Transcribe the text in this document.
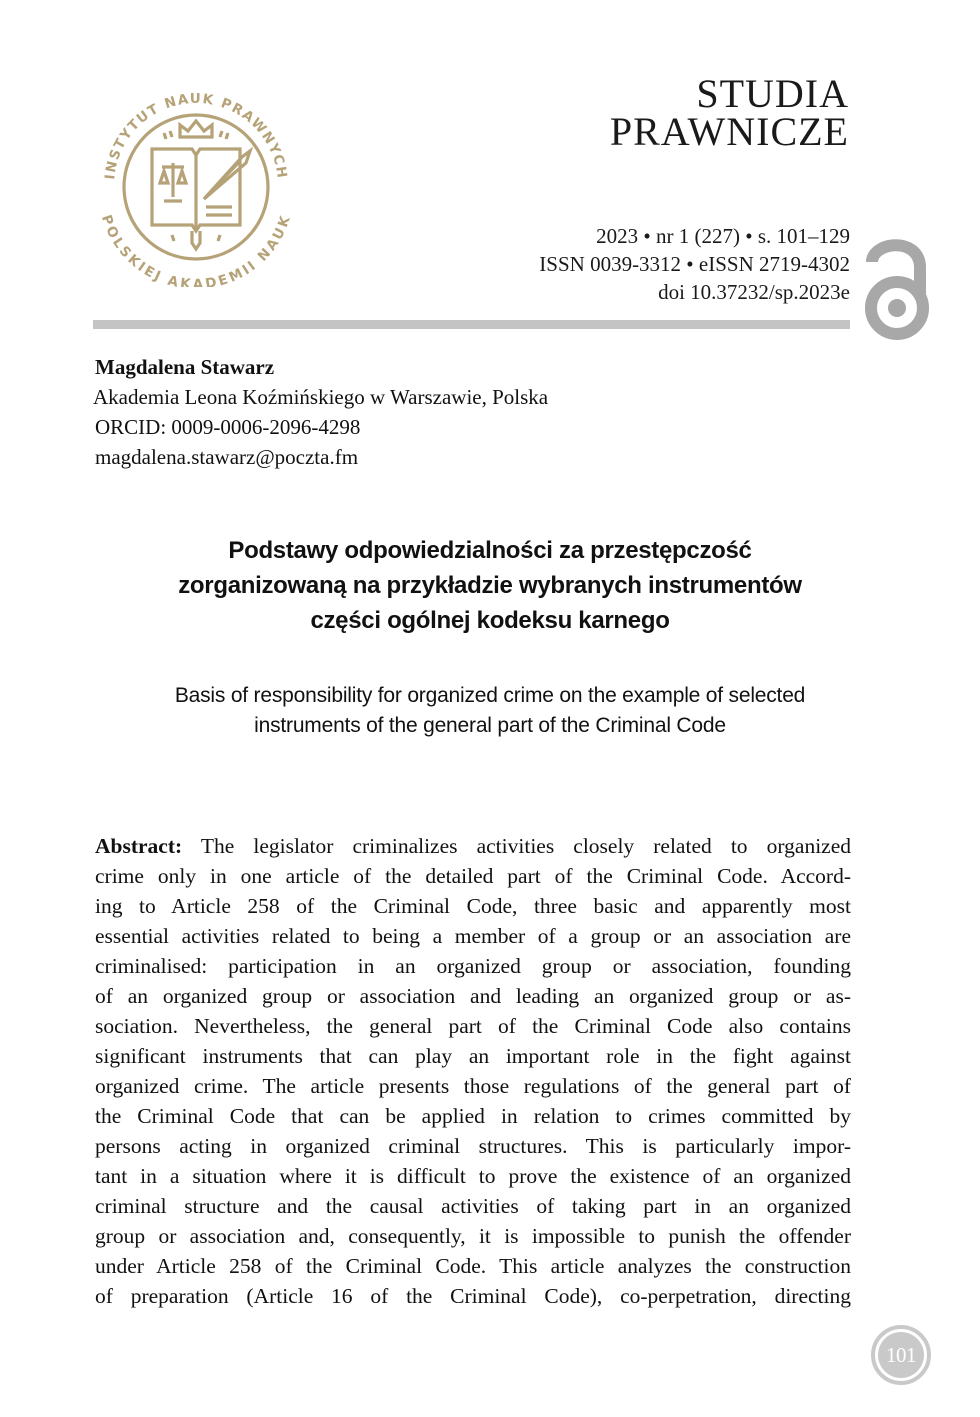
INSTYTUT NAUK PRAWNYCH
POLSKIEJ AKADEMII NAUK
STUDIA
PRAWNICZE
2023 • nr 1 (227) • s. 101–129
ISSN 0039-3312 • eISSN 2719-4302
doi 10.37232/sp.2023e
Magdalena Stawarz
Akademia Leona Koźmińskiego w Warszawie, Polska
ORCID: 0009-0006-2096-4298
magdalena.stawarz@poczta.fm
Podstawy odpowiedzialności za przestępczość
zorganizowaną na przykładzie wybranych instrumentów
części ogólnej kodeksu karnego
Basis of responsibility for organized crime on the example of selected
instruments of the general part of the Criminal Code
Abstract: The legislator criminalizes activities closely related to organized
crime only in one article of the detailed part of the Criminal Code. Accord-
ing to Article 258 of the Criminal Code, three basic and apparently most
essential activities related to being a member of a group or an association are
criminalised: participation in an organized group or association, founding
of an organized group or association and leading an organized group or as-
sociation. Nevertheless, the general part of the Criminal Code also contains
significant instruments that can play an important role in the fight against
organized crime. The article presents those regulations of the general part of
the Criminal Code that can be applied in relation to crimes committed by
persons acting in organized criminal structures. This is particularly impor-
tant in a situation where it is difficult to prove the existence of an organized
criminal structure and the causal activities of taking part in an organized
group or association and, consequently, it is impossible to punish the offender
under Article 258 of the Criminal Code. This article analyzes the construction
of preparation (Article 16 of the Criminal Code), co-perpetration, directing
101
